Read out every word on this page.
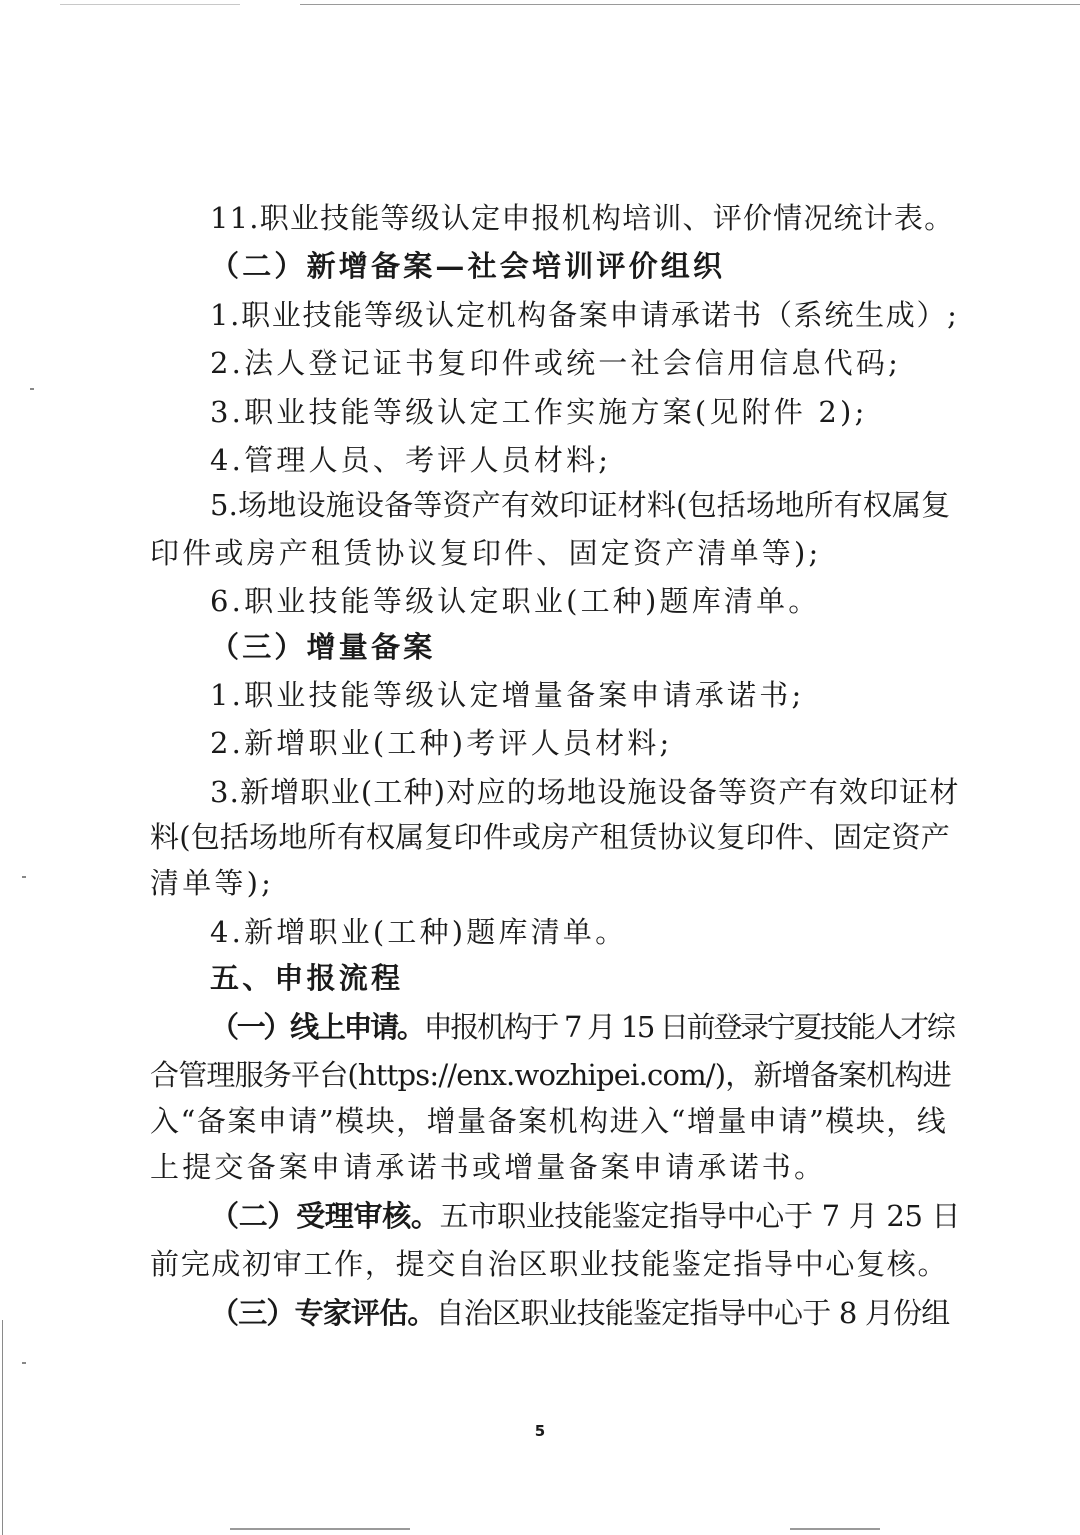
11.职业技能等级认定申报机构培训、评价情况统计表。
（二）新增备案—社会培训评价组织
1.职业技能等级认定机构备案申请承诺书（系统生成）;
2.法人登记证书复印件或统一社会信用信息代码;
3.职业技能等级认定工作实施方案(见附件 2);
4.管理人员、考评人员材料;
5.场地设施设备等资产有效印证材料(包括场地所有权属复
印件或房产租赁协议复印件、固定资产清单等);
6.职业技能等级认定职业(工种)题库清单。
（三）增量备案
1.职业技能等级认定增量备案申请承诺书;
2.新增职业(工种)考评人员材料;
3.新增职业(工种)对应的场地设施设备等资产有效印证材
料(包括场地所有权属复印件或房产租赁协议复印件、固定资产
清单等);
4.新增职业(工种)题库清单。
五、申报流程
（一）线上申请。申报机构于 7 月 15 日前登录宁夏技能人才综
合管理服务平台(https://enx.wozhipei.com/)，新增备案机构进
入“备案申请”模块，增量备案机构进入“增量申请”模块，线
上提交备案申请承诺书或增量备案申请承诺书。
（二）受理审核。五市职业技能鉴定指导中心于 7 月 25 日
前完成初审工作，提交自治区职业技能鉴定指导中心复核。
（三）专家评估。自治区职业技能鉴定指导中心于 8 月份组
5
